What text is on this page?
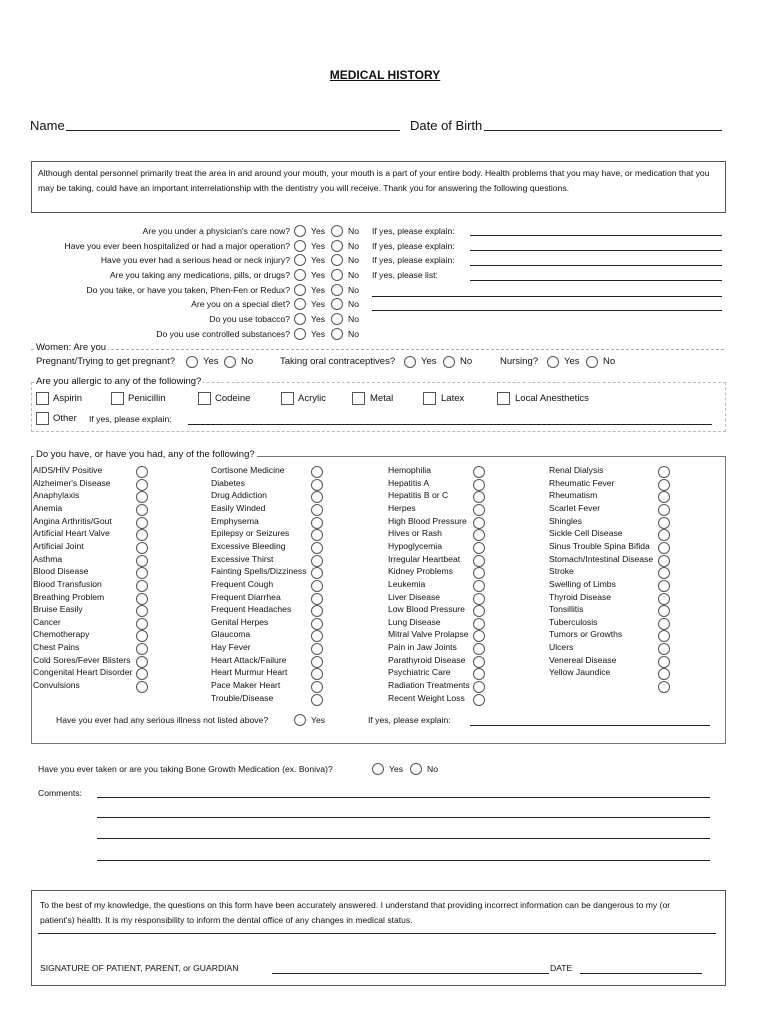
MEDICAL HISTORY
Name	Date of Birth
Although dental personnel primarily treat the area in and around your mouth, your mouth is a part of your entire body. Health problems that you may have, or medication that you may be taking, could have an important interrelationship with the dentistry you will receive. Thank you for answering the following questions.
Women: Are you
Pregnant/Trying to get pregnant?	Yes No	Taking oral contraceptives?	Yes No	Nursing?	Yes No
Are you allergic to any of the following?
Aspirin	Penicillin	Codeine	Acrylic	Metal	Latex	Local Anesthetics
Other If yes, please explain:
Do you have, or have you had, any of the following?
Have you ever had any serious illness not listed above?	Yes	If yes, please explain:
Have you ever taken or are you taking Bone Growth Medication (ex. Boniva)?	Yes	No
Comments:
To the best of my knowledge, the questions on this form have been accurately answered. I understand that providing incorrect information can be dangerous to my (or patient's) health. It is my responsibility to inform the dental office of any changes in medical status.
SIGNATURE OF PATIENT, PARENT, or GUARDIAN	DATE
Are you under a physician's care now? Yes	No If yes, please explain:
Have you ever been hospitalized or had a major operation? Yes	No If yes, please explain:
Have you ever had a serious head or neck injury? Yes	No If yes, please explain:
Are you taking any medications, pills, or drugs? Yes	No If yes, please list:
Do you take, or have you taken, Phen-Fen or Redux? Yes	No
Are you on a special diet? Yes	No
Do you use tobacco? Yes	No
Do you use controlled substances? Yes	No
AIDS/HIV Positive
Alzheimer's Disease
Anaphylaxis
Anemia
Angina Arthritis/Gout
Artificial Heart Valve
Artificial Joint
Asthma
Blood Disease
Blood Transfusion
Breathing Problem
Bruise Easily
Cancer
Chemotherapy
Chest Pains
Cold Sores/Fever Blisters
Congenital Heart Disorder
Convulsions
Cortisone Medicine
Diabetes
Drug Addiction
Easily Winded
Emphysema
Epilepsy or Seizures
Excessive Bleeding
Excessive Thirst
Fainting Spells/Dizziness
Frequent Cough
Frequent Diarrhea
Frequent Headaches
Genital Herpes
Glaucoma
Hay Fever
Heart Attack/Failure
Heart Murmur Heart
Pace Maker Heart
Trouble/Disease
Hemophilia
Hepatitis A
Hepatitis B or C
Herpes
High Blood Pressure
Hives or Rash
Hypoglycemia
Irregular Heartbeat
Kidney Problems
Leukemia
Liver Disease
Low Blood Pressure
Lung Disease
Mitral Valve Prolapse
Pain in Jaw Joints
Parathyroid Disease
Psychiatric Care
Radiation Treatments
Recent Weight Loss
Renal Dialysis
Rheumatic Fever
Rheumatism
Scarlet Fever
Shingles
Sickle Cell Disease
Sinus Trouble Spina Bifida
Stomach/Intestinal Disease
Stroke
Swelling of Limbs
Thyroid Disease
Tonsillitis
Tuberculosis
Tumors or Growths
Ulcers
Venereal Disease
Yellow Jaundice
